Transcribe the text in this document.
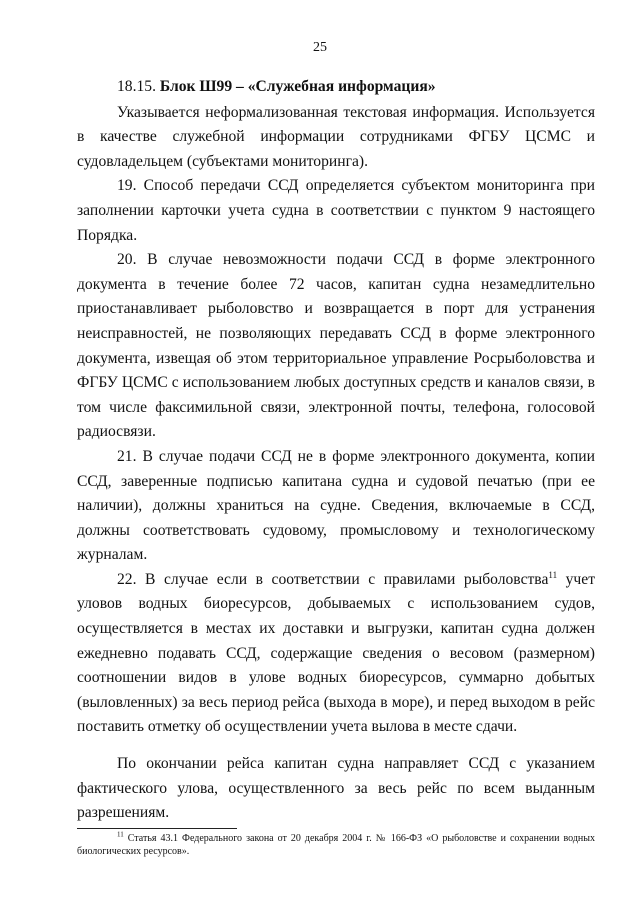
25

18.15. Блок Ш99 – «Служебная информация»

Указывается неформализованная текстовая информация. Используется в качестве служебной информации сотрудниками ФГБУ ЦСМС и судовладельцем (субъектами мониторинга).

19. Способ передачи ССД определяется субъектом мониторинга при заполнении карточки учета судна в соответствии с пунктом 9 настоящего Порядка.

20. В случае невозможности подачи ССД в форме электронного документа в течение более 72 часов, капитан судна незамедлительно приостанавливает рыболовство и возвращается в порт для устранения неисправностей, не позволяющих передавать ССД в форме электронного документа, извещая об этом территориальное управление Росрыболовства и ФГБУ ЦСМС с использованием любых доступных средств и каналов связи, в том числе факсимильной связи, электронной почты, телефона, голосовой радиосвязи.

21. В случае подачи ССД не в форме электронного документа, копии ССД, заверенные подписью капитана судна и судовой печатью (при ее наличии), должны храниться на судне. Сведения, включаемые в ССД, должны соответствовать судовому, промысловому и технологическому журналам.

22. В случае если в соответствии с правилами рыболовства$^{11}$ учет уловов водных биоресурсов, добываемых с использованием судов, осуществляется в местах их доставки и выгрузки, капитан судна должен ежедневно подавать ССД, содержащие сведения о весовом (размерном) соотношении видов в улове водных биоресурсов, суммарно добытых (выловленных) за весь период рейса (выхода в море), и перед выходом в рейс поставить отметку об осуществлении учета вылова в месте сдачи.

По окончании рейса капитан судна направляет ССД с указанием фактического улова, осуществленного за весь рейс по всем выданным разрешениям.

$^{11}$ Статья 43.1 Федерального закона от 20 декабря 2004 г. № 166-ФЗ «О рыболовстве и сохранении водных биологических ресурсов».
